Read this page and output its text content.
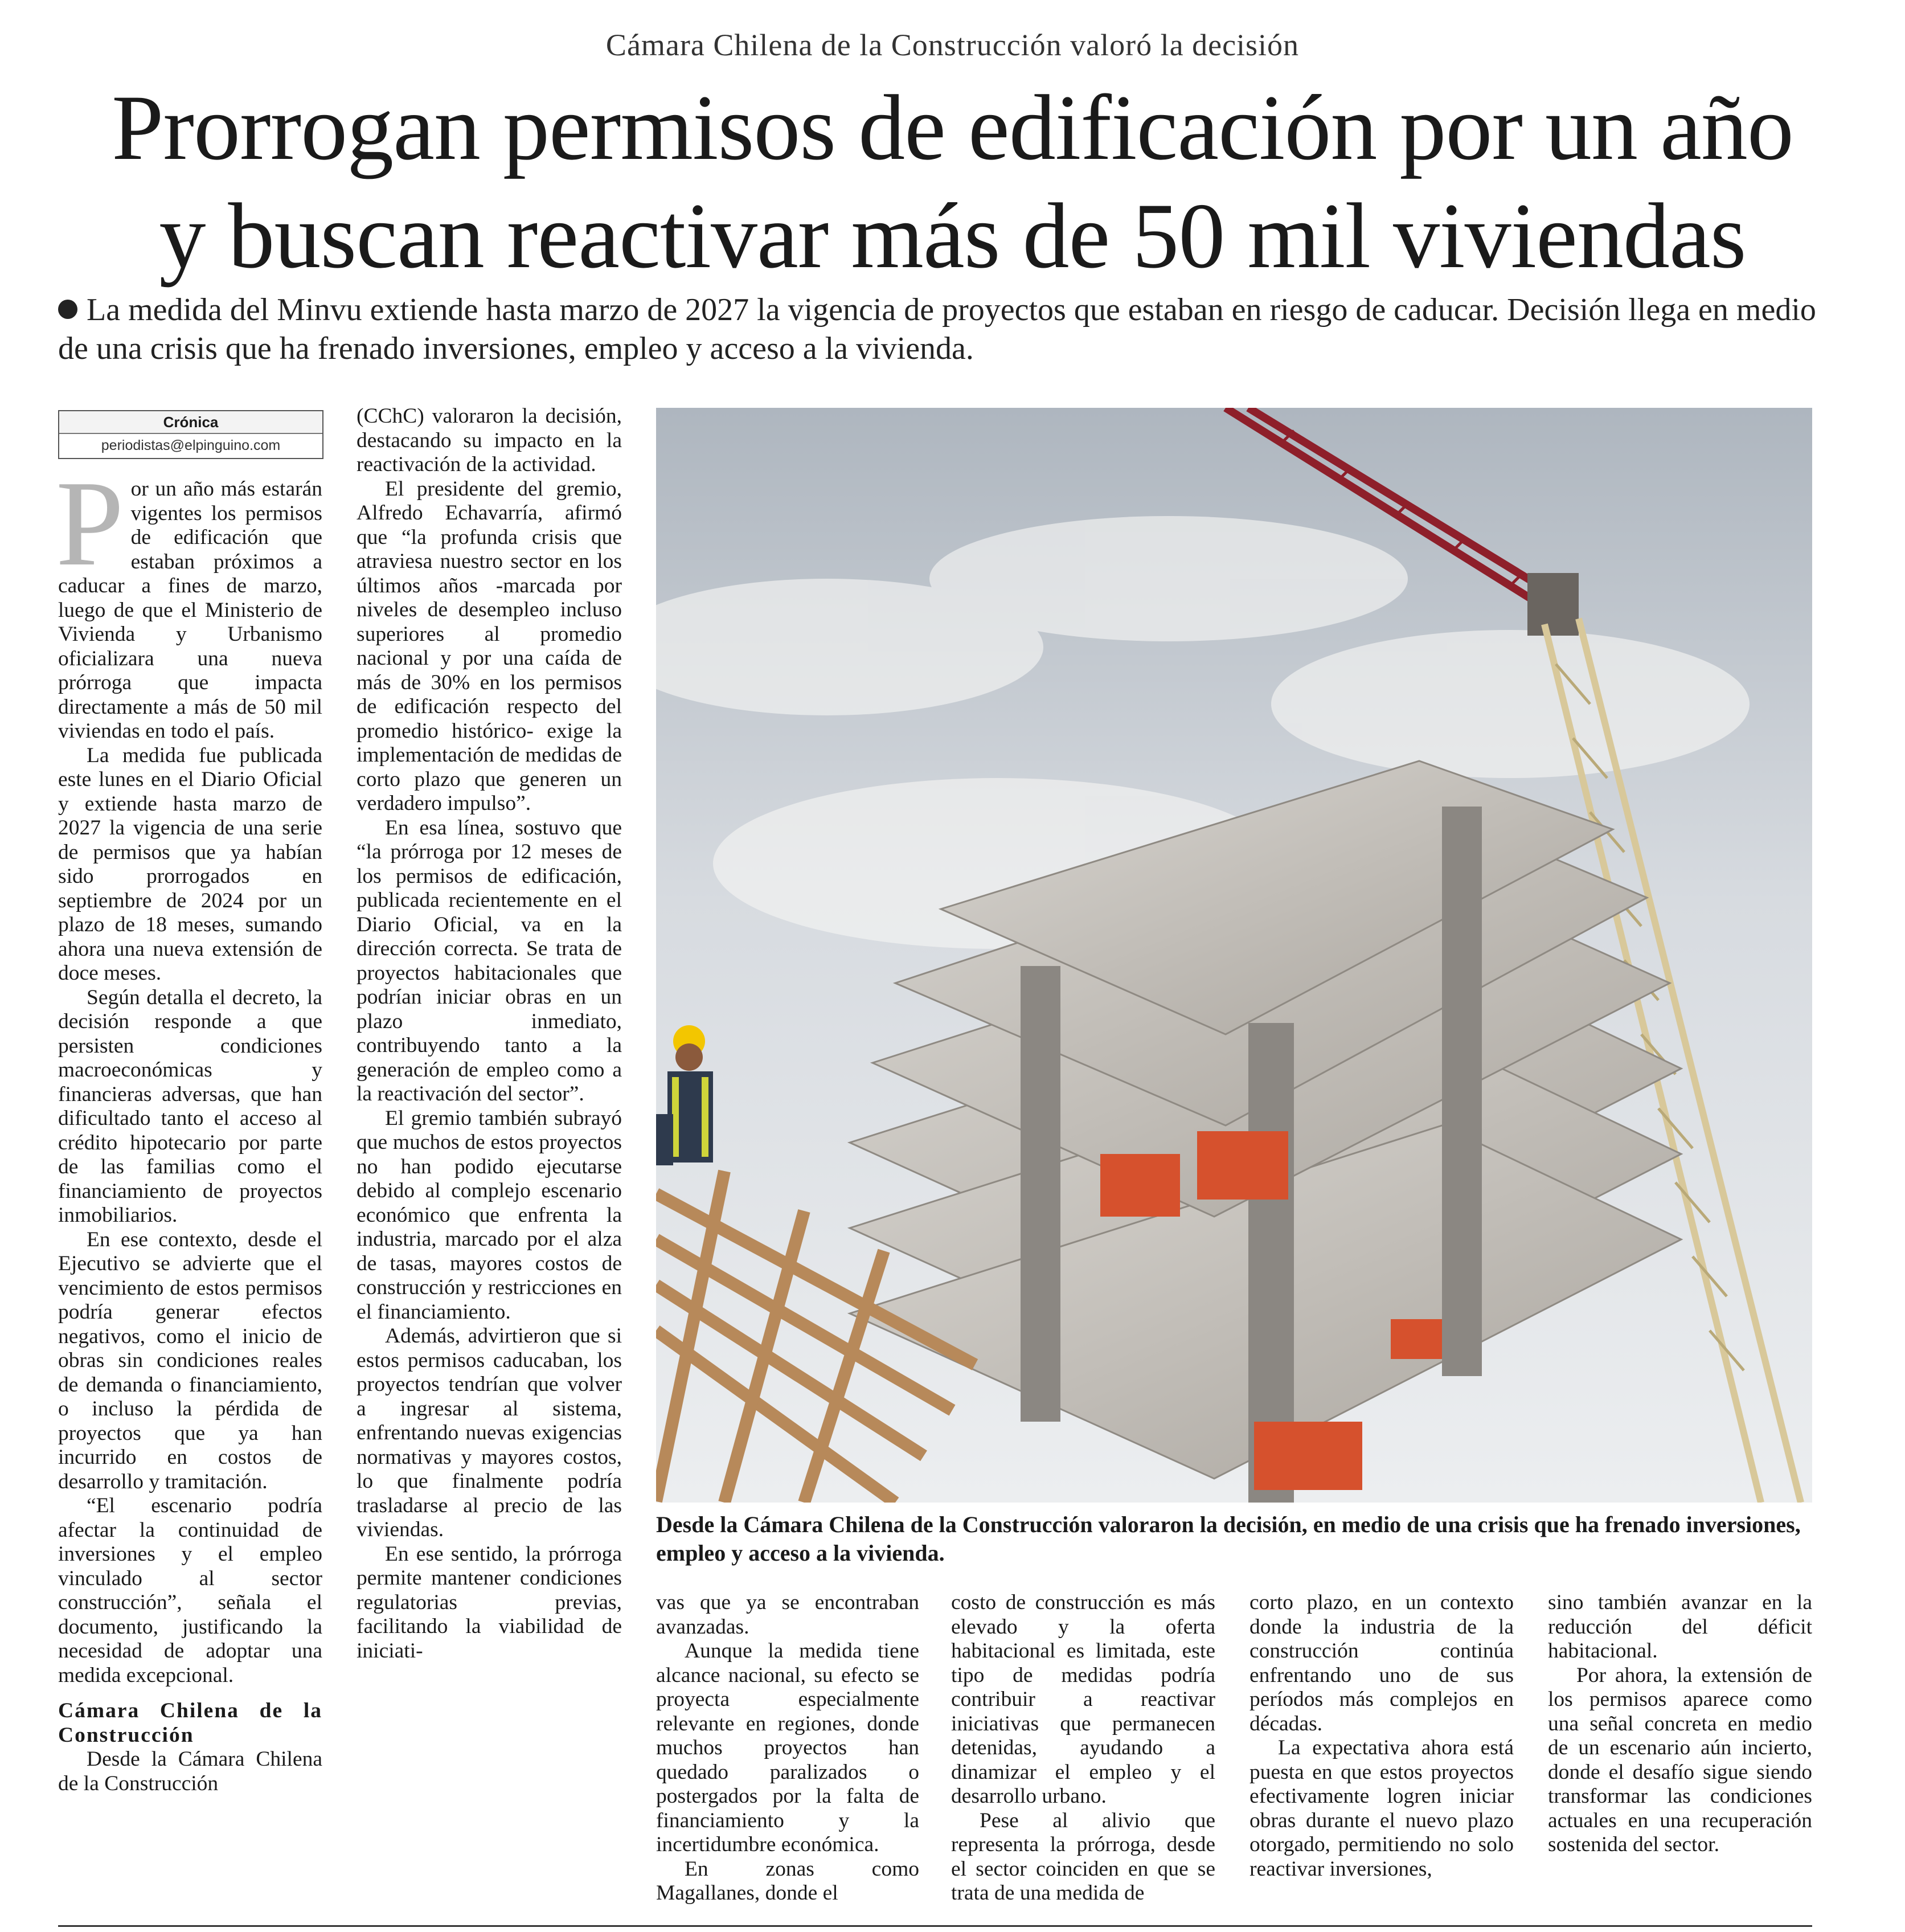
Cámara Chilena de la Construcción valoró la decisión
Prorrogan permisos de edificación por un año
y buscan reactivar más de 50 mil viviendas
La medida del Minvu extiende hasta marzo de 2027 la vigencia de proyectos que estaban en riesgo de caducar. Decisión llega en medio de una crisis que ha frenado inversiones, empleo y acceso a la vivienda.
Crónica
periodistas@elpinguino.com

Por un año más estarán vigentes los permisos de edificación que estaban próximos a caducar a fines de marzo, luego de que el Ministerio de Vivienda y Urbanismo oficializara una nueva prórroga que impacta directamente a más de 50 mil viviendas en todo el país.

La medida fue publicada este lunes en el Diario Oficial y extiende hasta marzo de 2027 la vigencia de una serie de permisos que ya habían sido prorrogados en septiembre de 2024 por un plazo de 18 meses, sumando ahora una nueva extensión de doce meses.

Según detalla el decreto, la decisión responde a que persisten condiciones macroeconómicas y financieras adversas, que han dificultado tanto el acceso al crédito hipotecario por parte de las familias como el financiamiento de proyectos inmobiliarios.

En ese contexto, desde el Ejecutivo se advierte que el vencimiento de estos permisos podría generar efectos negativos, como el inicio de obras sin condiciones reales de demanda o financiamiento, o incluso la pérdida de proyectos que ya han incurrido en costos de desarrollo y tramitación.

“El escenario podría afectar la continuidad de inversiones y el empleo vinculado al sector construcción”, señala el documento, justificando la necesidad de adoptar una medida excepcional.

Cámara Chilena de la Construcción

Desde la Cámara Chilena de la Construcción

(CChC) valoraron la decisión, destacando su impacto en la reactivación de la actividad.

El presidente del gremio, Alfredo Echavarría, afirmó que “la profunda crisis que atraviesa nuestro sector en los últimos años -marcada por niveles de desempleo incluso superiores al promedio nacional y por una caída de más de 30% en los permisos de edificación respecto del promedio histórico- exige la implementación de medidas de corto plazo que generen un verdadero impulso”.

En esa línea, sostuvo que “la prórroga por 12 meses de los permisos de edificación, publicada recientemente en el Diario Oficial, va en la dirección correcta. Se trata de proyectos habitacionales que podrían iniciar obras en un plazo inmediato, contribuyendo tanto a la generación de empleo como a la reactivación del sector”.

El gremio también subrayó que muchos de estos proyectos no han podido ejecutarse debido al complejo escenario económico que enfrenta la industria, marcado por el alza de tasas, mayores costos de construcción y restricciones en el financiamiento.

Además, advirtieron que si estos permisos caducaban, los proyectos tendrían que volver a ingresar al sistema, enfrentando nuevas exigencias normativas y mayores costos, lo que finalmente podría trasladarse al precio de las viviendas.

En ese sentido, la prórroga permite mantener condiciones regulatorias previas, facilitando la viabilidad de iniciati-

Desde la Cámara Chilena de la Construcción valoraron la decisión, en medio de una crisis que ha frenado inversiones, empleo y acceso a la vivienda.

vas que ya se encontraban avanzadas.

Aunque la medida tiene alcance nacional, su efecto se proyecta especialmente relevante en regiones, donde muchos proyectos han quedado paralizados o postergados por la falta de financiamiento y la incertidumbre económica.

En zonas como Magallanes, donde el

costo de construcción es más elevado y la oferta habitacional es limitada, este tipo de medidas podría contribuir a reactivar iniciativas que permanecen detenidas, ayudando a dinamizar el empleo y el desarrollo urbano.

Pese al alivio que representa la prórroga, desde el sector coinciden en que se trata de una medida de

corto plazo, en un contexto donde la industria de la construcción continúa enfrentando uno de sus períodos más complejos en décadas.

La expectativa ahora está puesta en que estos proyectos efectivamente logren iniciar obras durante el nuevo plazo otorgado, permitiendo no solo reactivar inversiones,

sino también avanzar en la reducción del déficit habitacional.

Por ahora, la extensión de los permisos aparece como una señal concreta en medio de un escenario aún incierto, donde el desafío sigue siendo transformar las condiciones actuales en una recuperación sostenida del sector.
